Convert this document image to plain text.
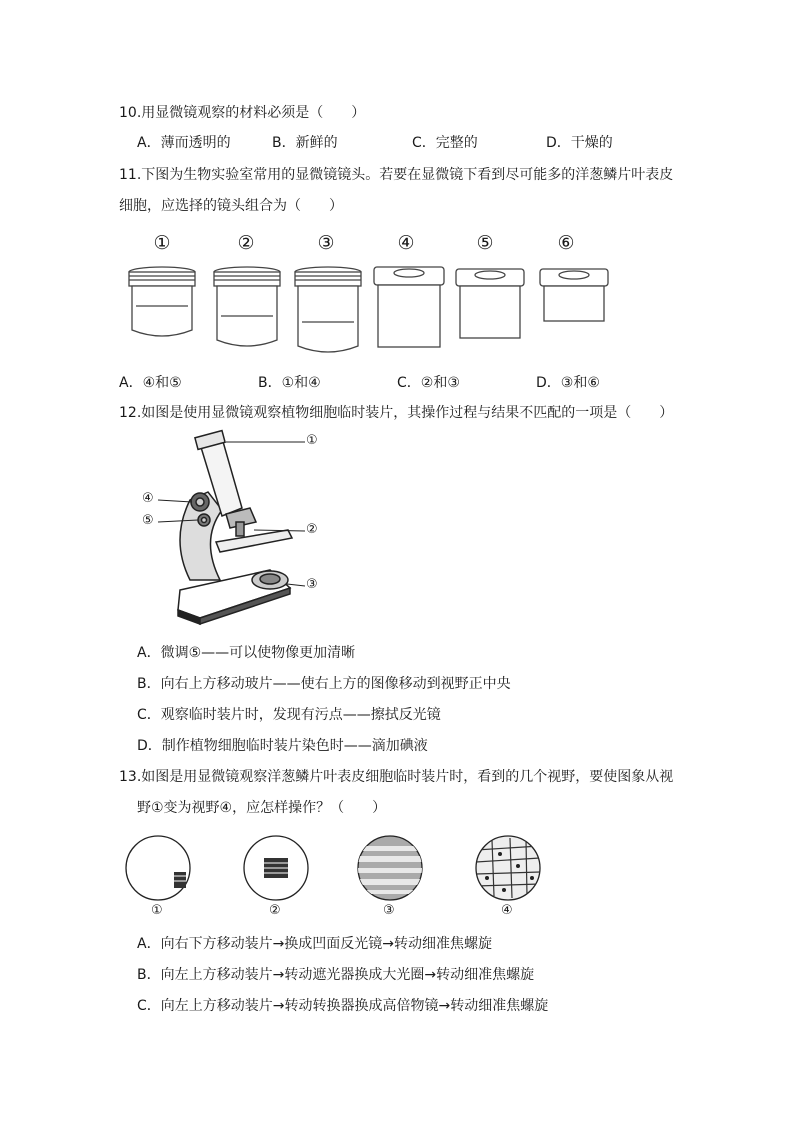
10.用显微镜观察的材料必须是（　　）
A．薄而透明的	B．新鲜的	C．完整的	D．干燥的
11.下图为生物实验室常用的显微镜镜头。若要在显微镜下看到尽可能多的洋葱鳞片叶表皮
细胞，应选择的镜头组合为（　　）
①	②	③	④	⑤	⑥
A．④和⑤	B．①和④	C．②和③	D．③和⑥
12.如图是使用显微镜观察植物细胞临时装片，其操作过程与结果不匹配的一项是（　　）
①
②
③
④
⑤
A．微调⑤——可以使物像更加清晰
B．向右上方移动玻片——使右上方的图像移动到视野正中央
C．观察临时装片时，发现有污点——擦拭反光镜
D．制作植物细胞临时装片染色时——滴加碘液
13.如图是用显微镜观察洋葱鳞片叶表皮细胞临时装片时，看到的几个视野，要使图象从视
野①变为视野④，应怎样操作？（　　）
①	②	③	④
A．向右下方移动装片→换成凹面反光镜→转动细准焦螺旋
B．向左上方移动装片→转动遮光器换成大光圈→转动细准焦螺旋
C．向左上方移动装片→转动转换器换成高倍物镜→转动细准焦螺旋
